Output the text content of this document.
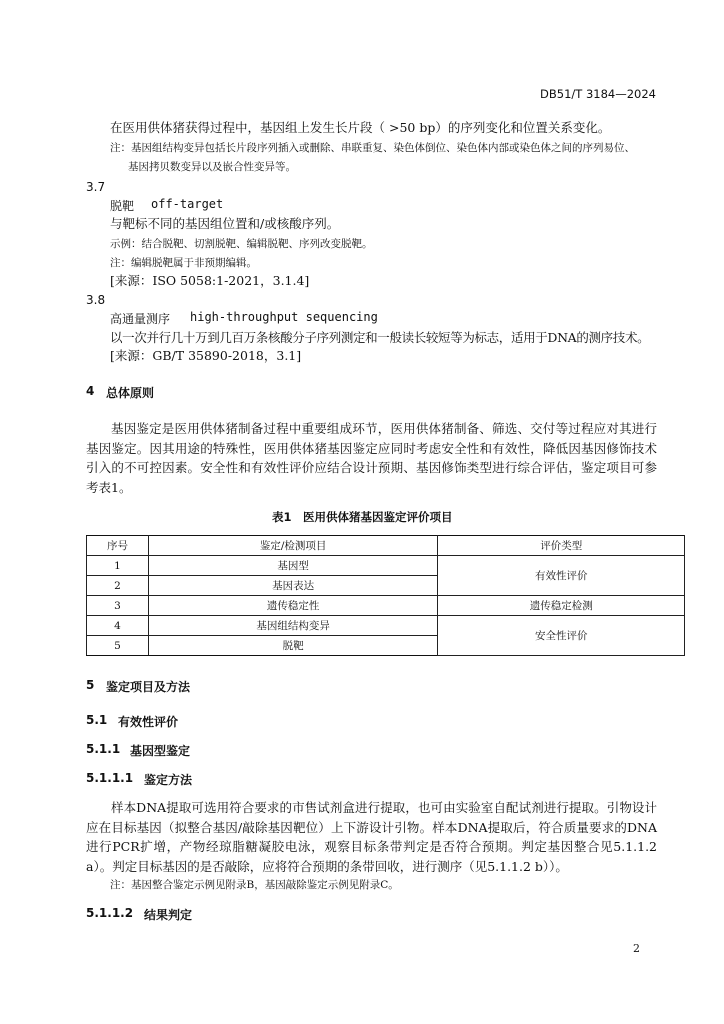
DB51/T 3184—2024
在医用供体猪获得过程中，基因组上发生长片段（ >50 bp）的序列变化和位置关系变化。
注：基因组结构变异包括长片段序列插入或删除、串联重复、染色体倒位、染色体内部或染色体之间的序列易位、
基因拷贝数变异以及嵌合性变异等。
3.7
脱靶 off-target
与靶标不同的基因组位置和/或核酸序列。
示例：结合脱靶、切割脱靶、编辑脱靶、序列改变脱靶。
注：编辑脱靶属于非预期编辑。
[来源：ISO 5058:1-2021，3.1.4]
3.8
高通量测序 high-throughput sequencing
以一次并行几十万到几百万条核酸分子序列测定和一般读长较短等为标志，适用于DNA的测序技术。
[来源：GB/T 35890-2018，3.1]
4 总体原则
基因鉴定是医用供体猪制备过程中重要组成环节，医用供体猪制备、筛选、交付等过程应对其进行基因鉴定。因其用途的特殊性，医用供体猪基因鉴定应同时考虑安全性和有效性，降低因基因修饰技术引入的不可控因素。安全性和有效性评价应结合设计预期、基因修饰类型进行综合评估，鉴定项目可参考表1。
表1　医用供体猪基因鉴定评价项目
序号	鉴定/检测项目	评价类型
1	基因型	有效性评价
2	基因表达	
3	遗传稳定性	遗传稳定检测
4	基因组结构变异	安全性评价
5	脱靶	
5 鉴定项目及方法
5.1 有效性评价
5.1.1 基因型鉴定
5.1.1.1 鉴定方法
样本DNA提取可选用符合要求的市售试剂盒进行提取，也可由实验室自配试剂进行提取。引物设计应在目标基因（拟整合基因/敲除基因靶位）上下游设计引物。样本DNA提取后，符合质量要求的DNA进行PCR扩增，产物经琼脂糖凝胶电泳，观察目标条带判定是否符合预期。判定基因整合见5.1.1.2 a）。判定目标基因的是否敲除，应将符合预期的条带回收，进行测序（见5.1.1.2 b））。
注：基因整合鉴定示例见附录B，基因敲除鉴定示例见附录C。
5.1.1.2 结果判定
2
